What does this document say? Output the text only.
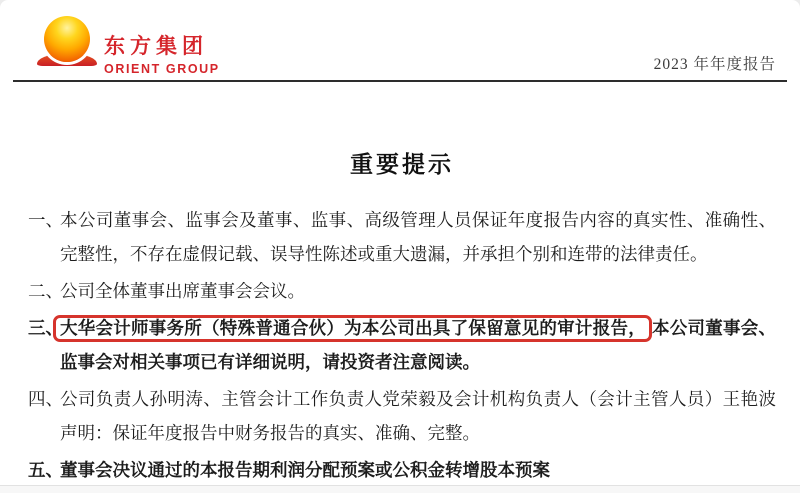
东方集团
ORIENT GROUP	2023 年年度报告
重要提示
一、
本公司董事会、监事会及董事、监事、高级管理人员保证年度报告内容的真实性、准确性、完整性，不存在虚假记载、误导性陈述或重大遗漏，并承担个别和连带的法律责任。
二、
公司全体董事出席董事会会议。
三、
大华会计师事务所（特殊普通合伙）为本公司出具了保留意见的审计报告， 本公司董事会、监事会对相关事项已有详细说明，请投资者注意阅读。
四、
公司负责人孙明涛、主管会计工作负责人党荣毅及会计机构负责人（会计主管人员）王艳波声明：保证年度报告中财务报告的真实、准确、完整。
五、
董事会决议通过的本报告期利润分配预案或公积金转增股本预案
